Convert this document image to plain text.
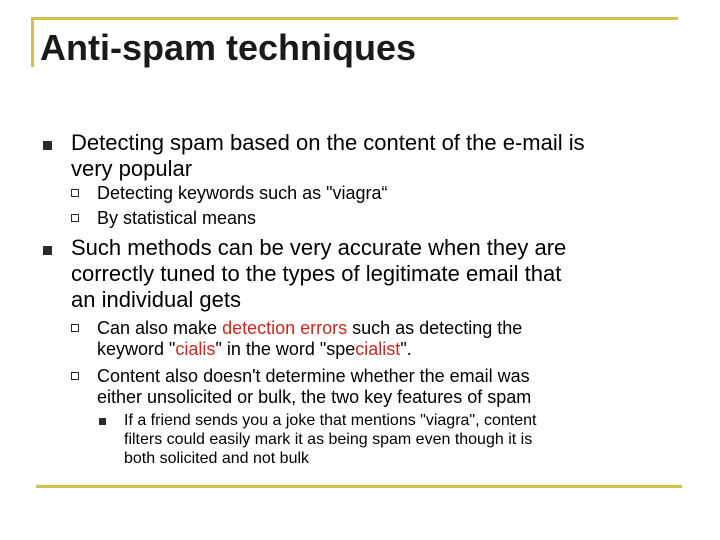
Anti-spam techniques
Detecting spam based on the content of the e-mail is
very popular
Detecting keywords such as "viagra“
By statistical means
Such methods can be very accurate when they are
correctly tuned to the types of legitimate email that
an individual gets
Can also make detection errors such as detecting the
keyword "cialis" in the word "specialist".
Content also doesn't determine whether the email was
either unsolicited or bulk, the two key features of spam
If a friend sends you a joke that mentions "viagra", content
filters could easily mark it as being spam even though it is
both solicited and not bulk
